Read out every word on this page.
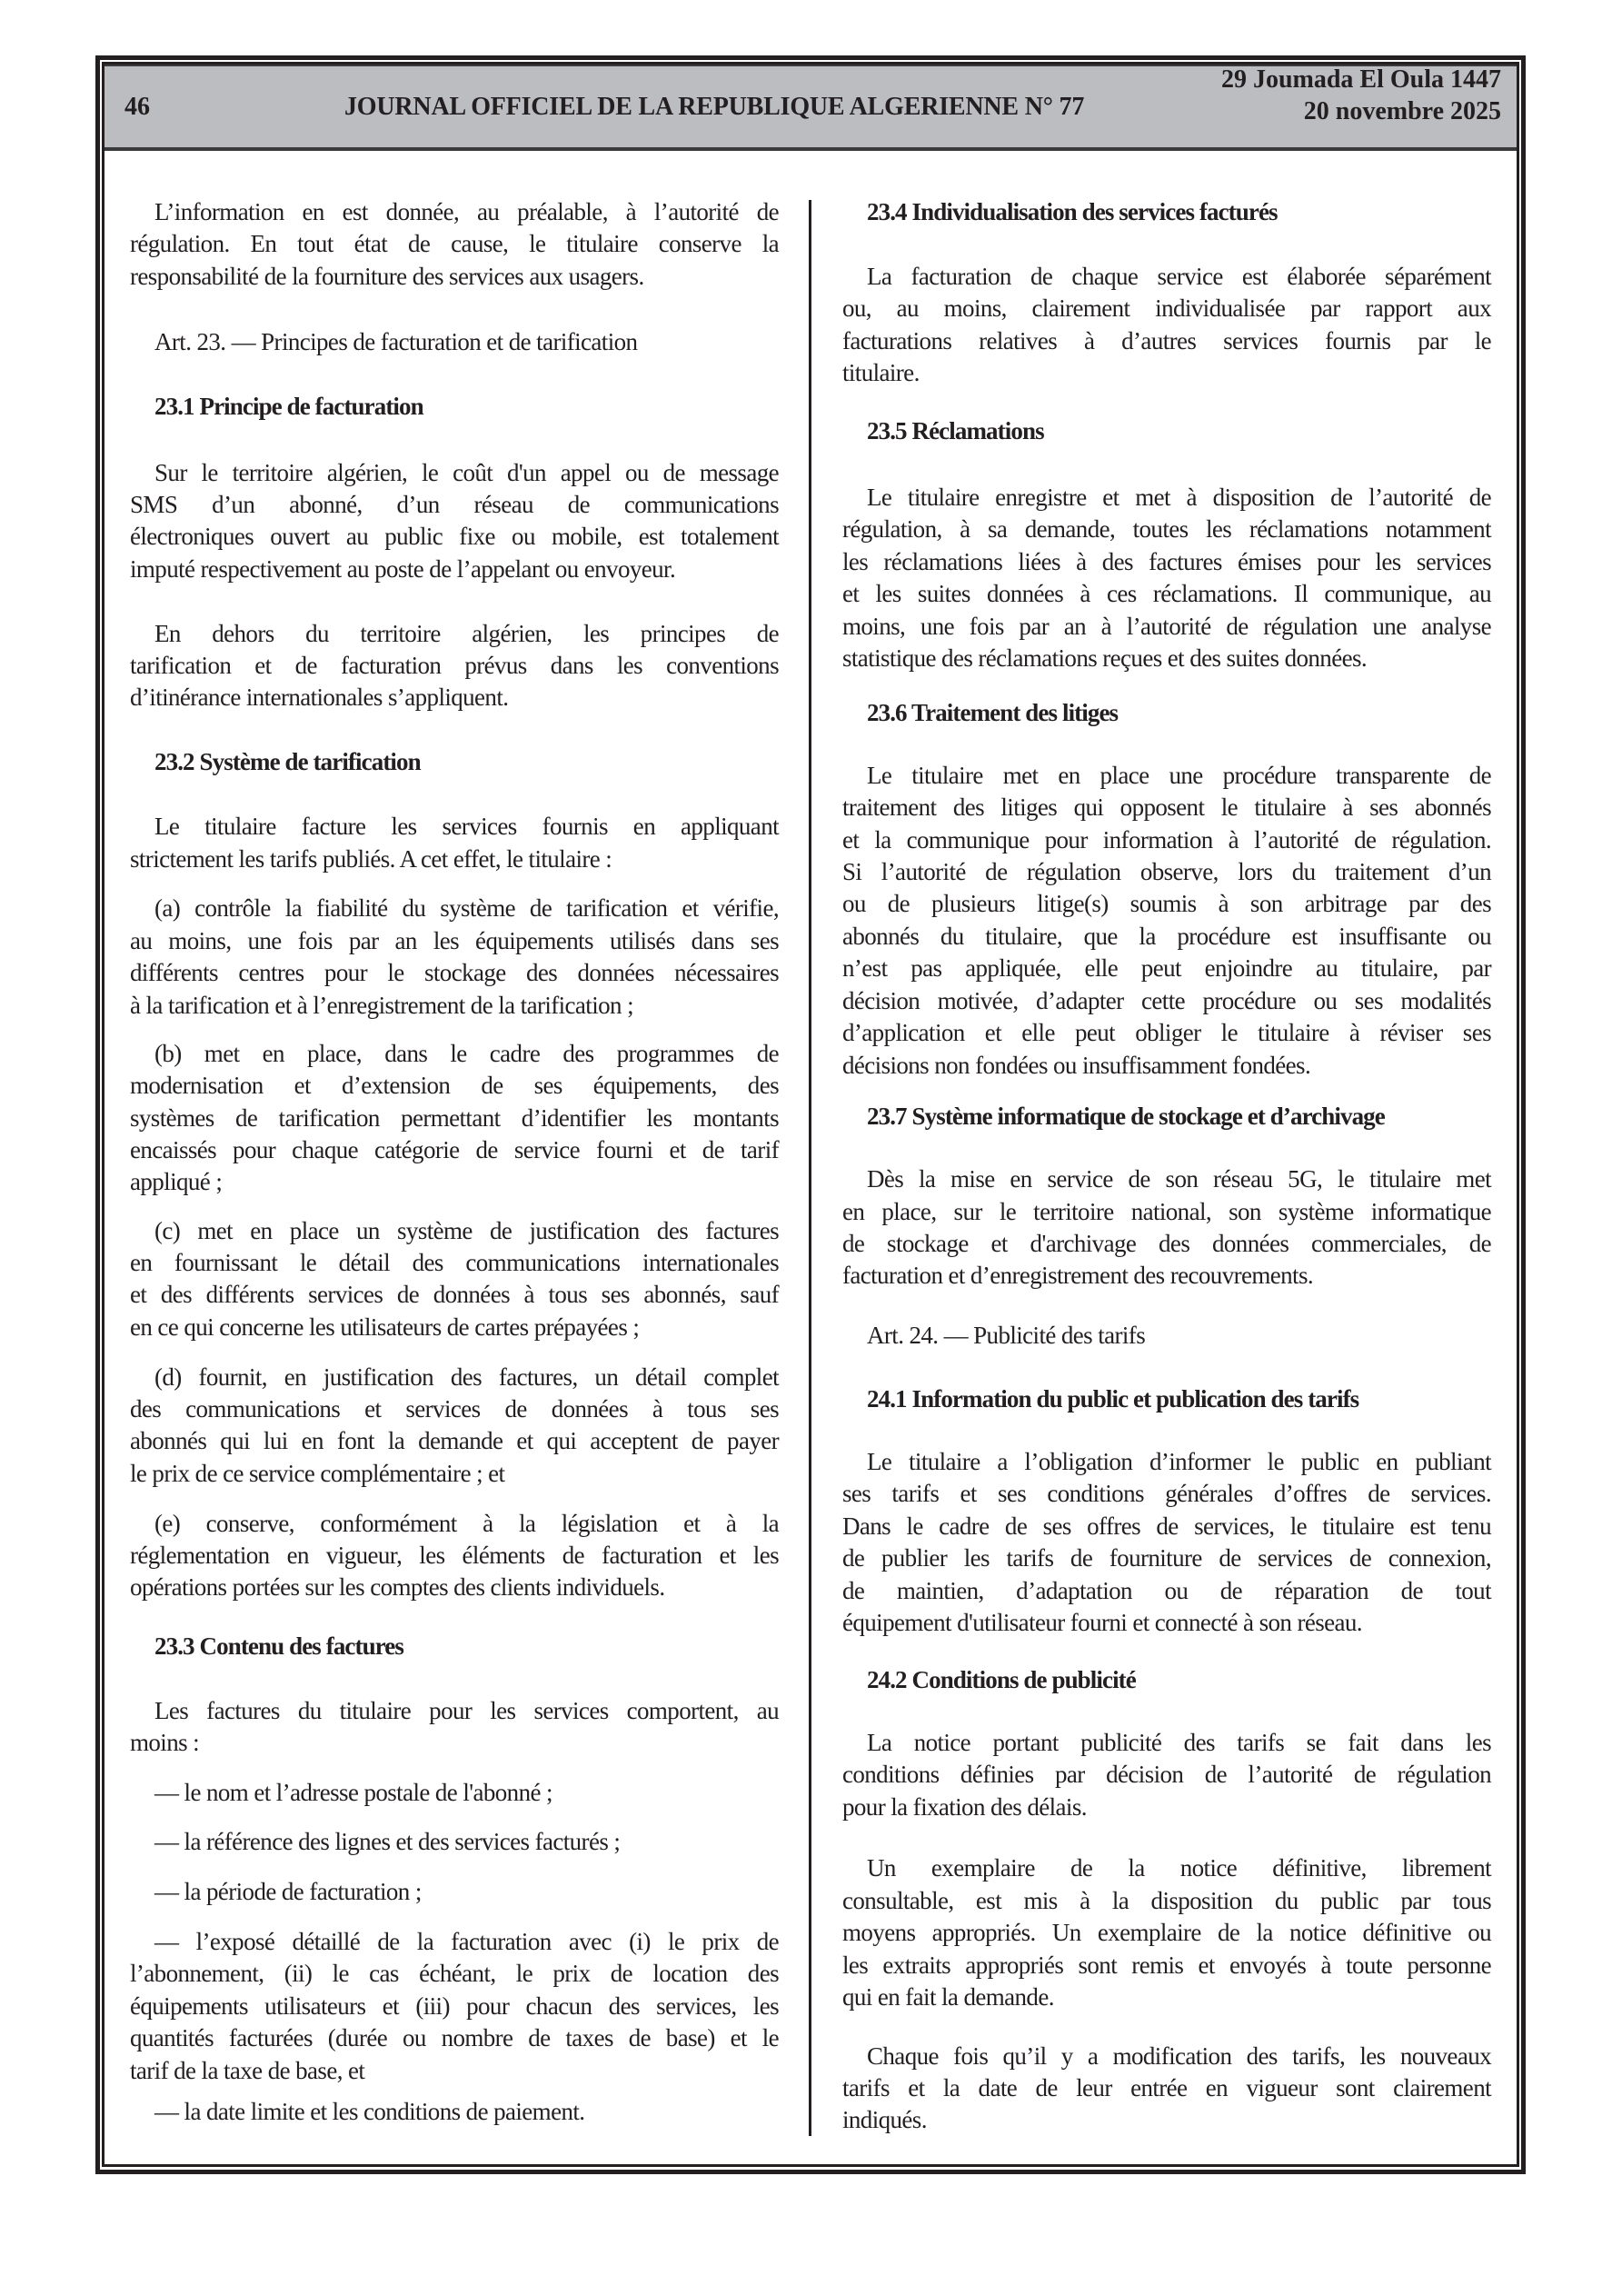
46	JOURNAL OFFICIEL DE LA REPUBLIQUE ALGERIENNE N° 77
29 Joumada El Oula 1447
20 novembre 2025
L’information en est donnée, au préalable, à l’autorité de
régulation. En tout état de cause, le titulaire conserve la
responsabilité de la fourniture des services aux usagers.
Art. 23. — Principes de facturation et de tarification
23.1 Principe de facturation
Sur le territoire algérien, le coût d'un appel ou de message
SMS d’un abonné, d’un réseau de communications
électroniques ouvert au public fixe ou mobile, est totalement
imputé respectivement au poste de l’appelant ou envoyeur.
En dehors du territoire algérien, les principes de
tarification et de facturation prévus dans les conventions
d’itinérance internationales s’appliquent.
23.2 Système de tarification
Le titulaire facture les services fournis en appliquant
strictement les tarifs publiés. A cet effet, le titulaire :
(a) contrôle la fiabilité du système de tarification et vérifie,
au moins, une fois par an les équipements utilisés dans ses
différents centres pour le stockage des données nécessaires
à la tarification et à l’enregistrement de la tarification ;
(b) met en place, dans le cadre des programmes de
modernisation et d’extension de ses équipements, des
systèmes de tarification permettant d’identifier les montants
encaissés pour chaque catégorie de service fourni et de tarif
appliqué ;
(c) met en place un système de justification des factures
en fournissant le détail des communications internationales
et des différents services de données à tous ses abonnés, sauf
en ce qui concerne les utilisateurs de cartes prépayées ;
(d) fournit, en justification des factures, un détail complet
des communications et services de données à tous ses
abonnés qui lui en font la demande et qui acceptent de payer
le prix de ce service complémentaire ; et
(e) conserve, conformément à la législation et à la
réglementation en vigueur, les éléments de facturation et les
opérations portées sur les comptes des clients individuels.
23.3 Contenu des factures
Les factures du titulaire pour les services comportent, au
moins :
— le nom et l’adresse postale de l'abonné ;
— la référence des lignes et des services facturés ;
— la période de facturation ;
— l’exposé détaillé de la facturation avec (i) le prix de
l’abonnement, (ii) le cas échéant, le prix de location des
équipements utilisateurs et (iii) pour chacun des services, les
quantités facturées (durée ou nombre de taxes de base) et le
tarif de la taxe de base, et
— la date limite et les conditions de paiement.
23.4 Individualisation des services facturés
La facturation de chaque service est élaborée séparément
ou, au moins, clairement individualisée par rapport aux
facturations relatives à d’autres services fournis par le
titulaire.
23.5 Réclamations
Le titulaire enregistre et met à disposition de l’autorité de
régulation, à sa demande, toutes les réclamations notamment
les réclamations liées à des factures émises pour les services
et les suites données à ces réclamations. Il communique, au
moins, une fois par an à l’autorité de régulation une analyse
statistique des réclamations reçues et des suites données.
23.6 Traitement des litiges
Le titulaire met en place une procédure transparente de
traitement des litiges qui opposent le titulaire à ses abonnés
et la communique pour information à l’autorité de régulation.
Si l’autorité de régulation observe, lors du traitement d’un
ou de plusieurs litige(s) soumis à son arbitrage par des
abonnés du titulaire, que la procédure est insuffisante ou
n’est pas appliquée, elle peut enjoindre au titulaire, par
décision motivée, d’adapter cette procédure ou ses modalités
d’application et elle peut obliger le titulaire à réviser ses
décisions non fondées ou insuffisamment fondées.
23.7 Système informatique de stockage et d’archivage
Dès la mise en service de son réseau 5G, le titulaire met
en place, sur le territoire national, son système informatique
de stockage et d'archivage des données commerciales, de
facturation et d’enregistrement des recouvrements.
Art. 24. — Publicité des tarifs
24.1 Information du public et publication des tarifs
Le titulaire a l’obligation d’informer le public en publiant
ses tarifs et ses conditions générales d’offres de services.
Dans le cadre de ses offres de services, le titulaire est tenu
de publier les tarifs de fourniture de services de connexion,
de maintien, d’adaptation ou de réparation de tout
équipement d'utilisateur fourni et connecté à son réseau.
24.2 Conditions de publicité
La notice portant publicité des tarifs se fait dans les
conditions définies par décision de l’autorité de régulation
pour la fixation des délais.
Un exemplaire de la notice définitive, librement
consultable, est mis à la disposition du public par tous
moyens appropriés. Un exemplaire de la notice définitive ou
les extraits appropriés sont remis et envoyés à toute personne
qui en fait la demande.
Chaque fois qu’il y a modification des tarifs, les nouveaux
tarifs et la date de leur entrée en vigueur sont clairement
indiqués.
